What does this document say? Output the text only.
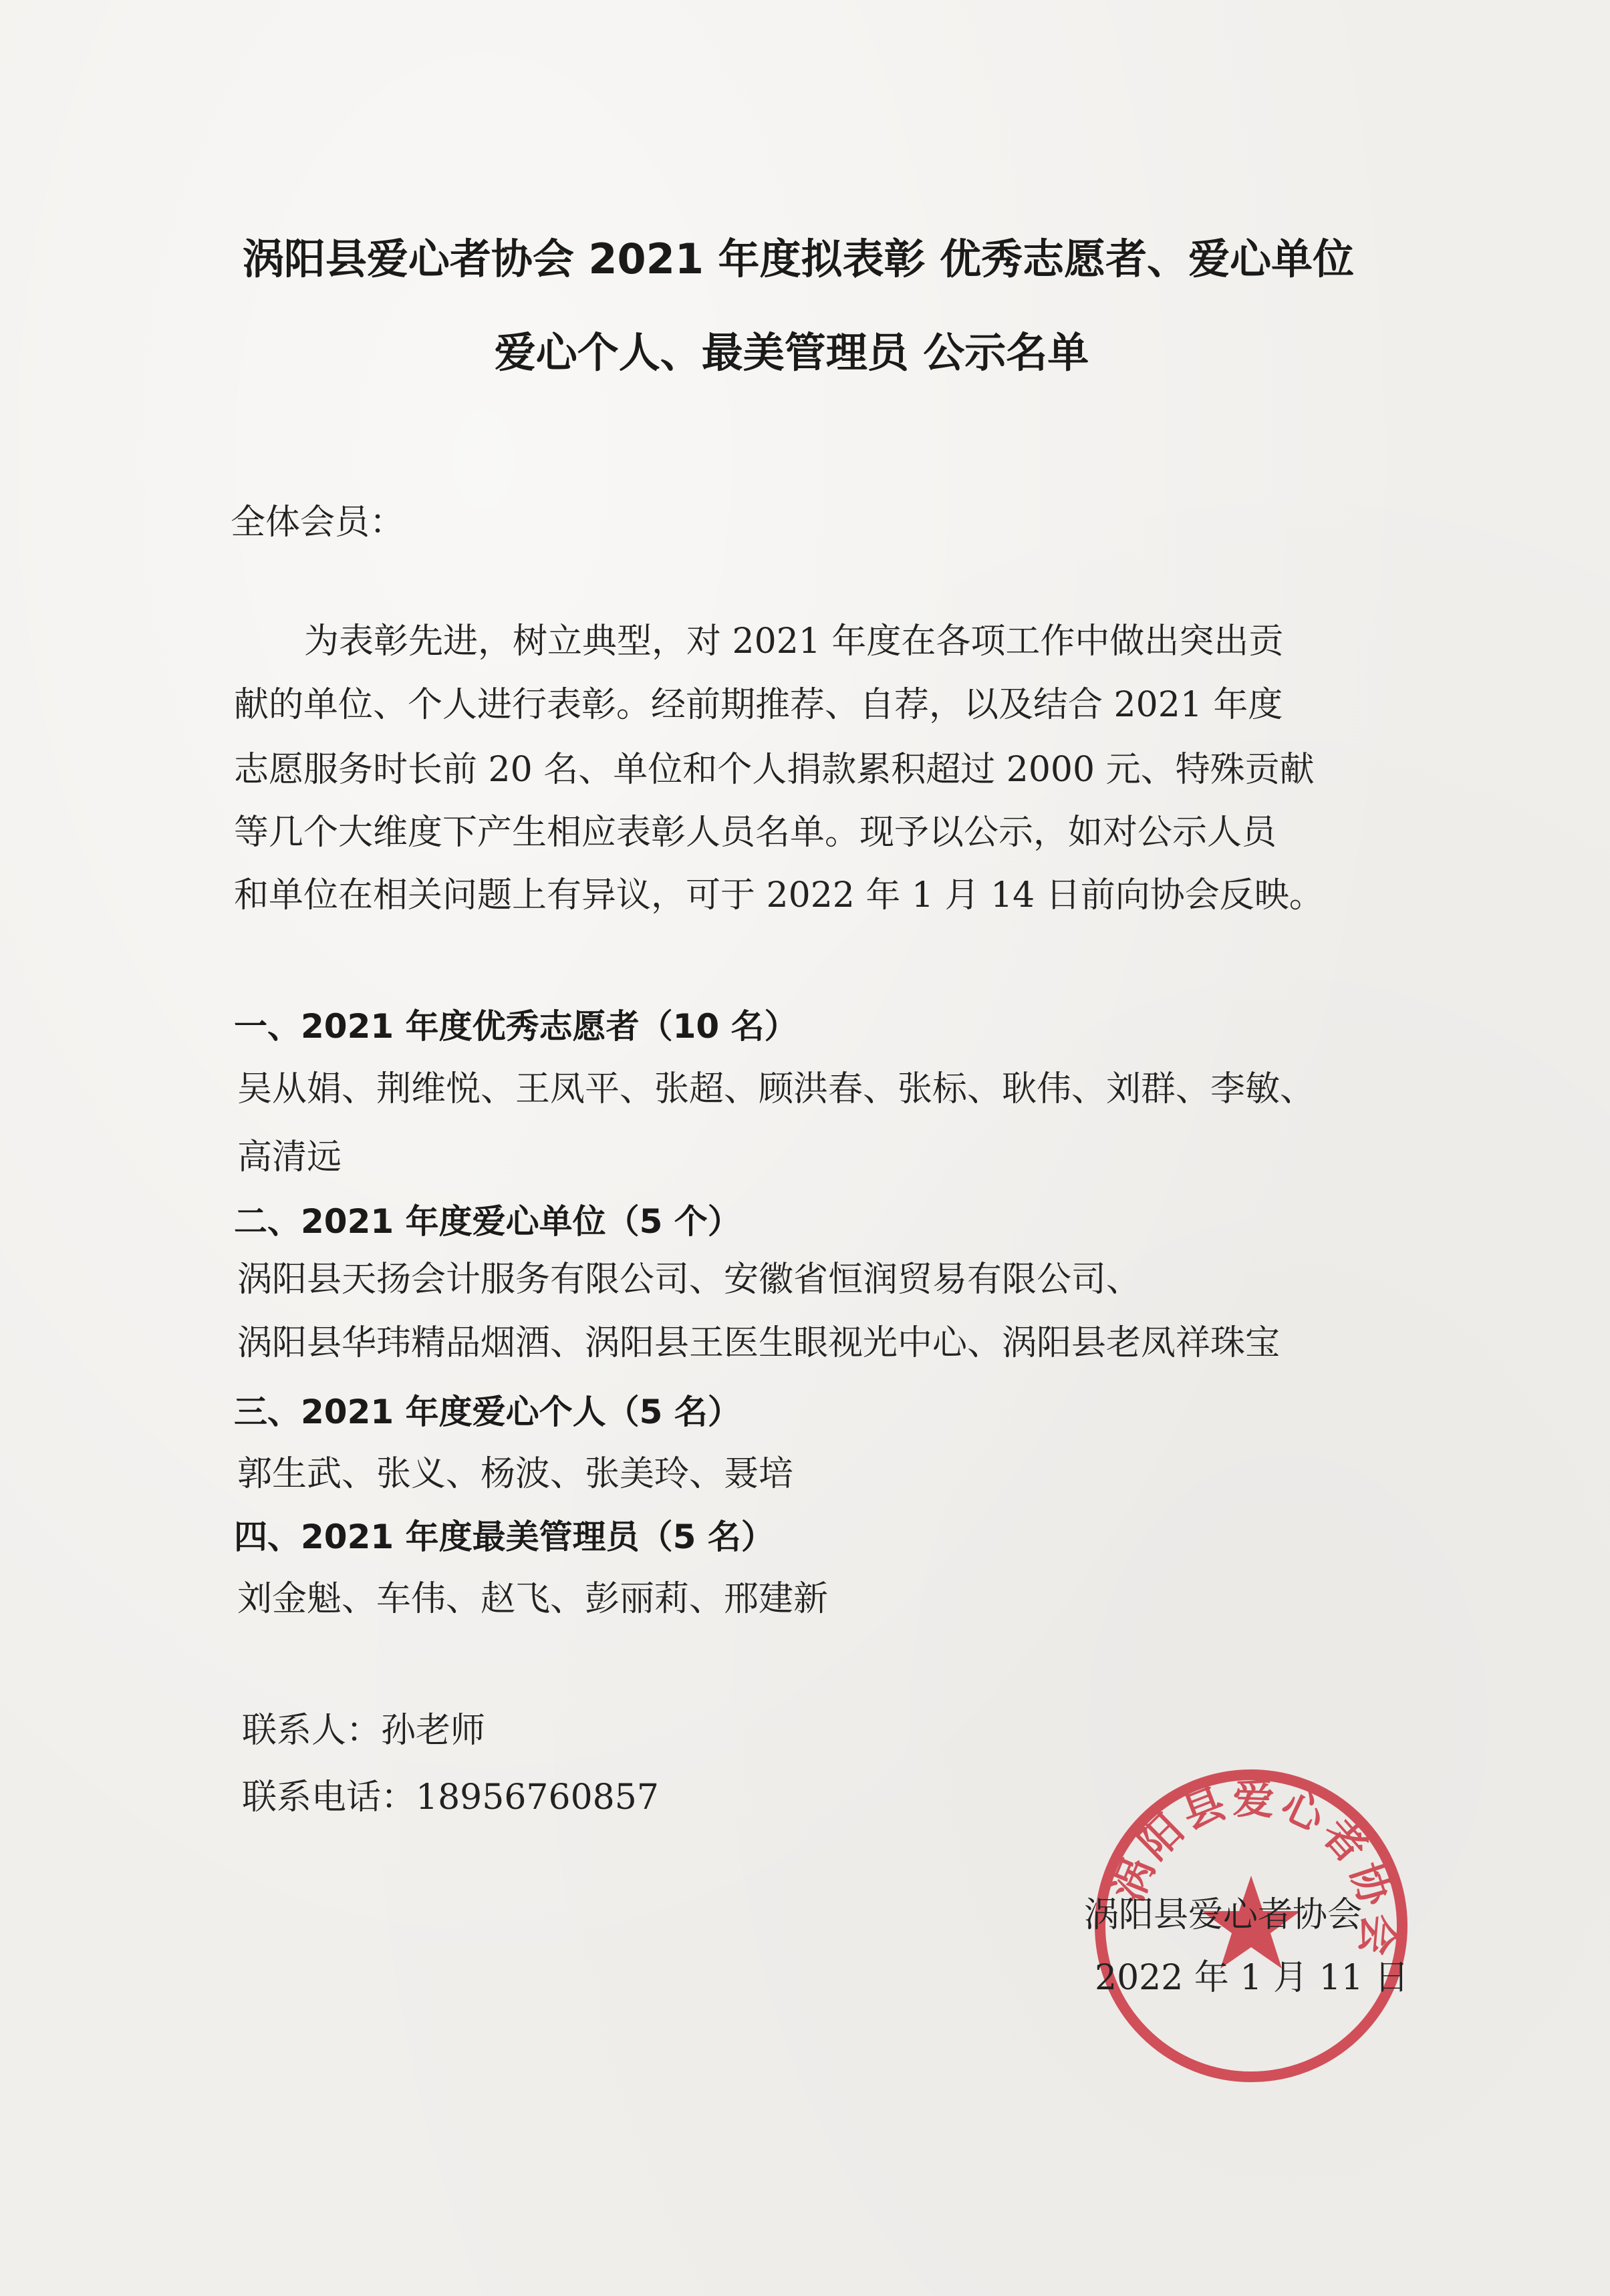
涡阳县爱心者协会 2021 年度拟表彰 优秀志愿者、爱心单位
爱心个人、最美管理员 公示名单

全体会员：

为表彰先进，树立典型，对 2021 年度在各项工作中做出突出贡

献的单位、个人进行表彰。经前期推荐、自荐，以及结合 2021 年度

志愿服务时长前 20 名、单位和个人捐款累积超过 2000 元、特殊贡献

等几个大维度下产生相应表彰人员名单。现予以公示，如对公示人员

和单位在相关问题上有异议，可于 2022 年 1 月 14 日前向协会反映。

一、2021 年度优秀志愿者（10 名）

吴从娟、荆维悦、王凤平、张超、顾洪春、张标、耿伟、刘群、李敏、

高清远

二、2021 年度爱心单位（5 个）

涡阳县天扬会计服务有限公司、安徽省恒润贸易有限公司、

涡阳县华玮精品烟酒、涡阳县王医生眼视光中心、涡阳县老凤祥珠宝

三、2021 年度爱心个人（5 名）

郭生武、张义、杨波、张美玲、聂培

四、2021 年度最美管理员（5 名）

刘金魁、车伟、赵飞、彭丽莉、邢建新

联系人：孙老师

联系电话：18956760857

涡阳县爱心者协会

涡阳县爱心者协会

2022 年 1 月 11 日
